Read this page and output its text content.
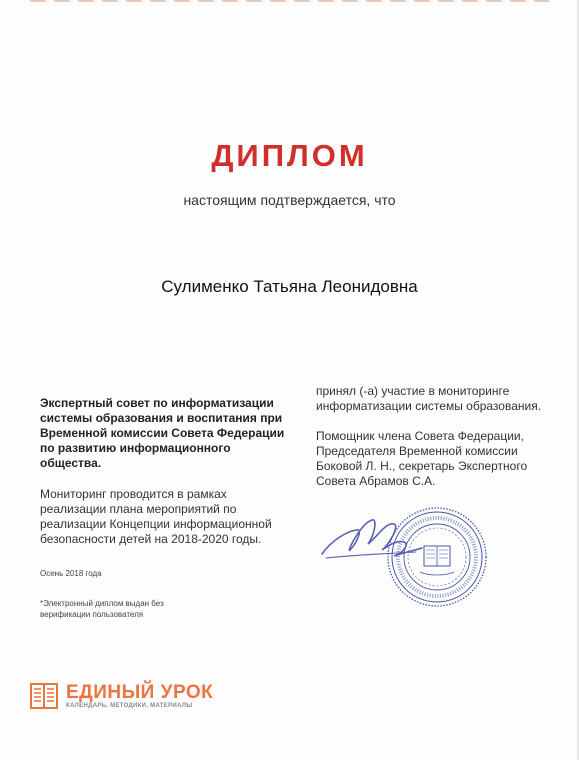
ДИПЛОМ
настоящим подтверждается, что
Сулименко Татьяна Леонидовна
Экспертный совет по информатизации системы образования и воспитания при Временной комиссии Совета Федерации по развитию информационного общества.
Мониторинг проводится в рамках реализации плана мероприятий по реализации Концепции информационной безопасности детей на 2018-2020 годы.
Осень 2018 года
*Электронный диплом выдан без верификации пользователя
принял (-а) участие в мониторинге информатизации системы образования.
Помощник члена Совета Федерации, Председателя Временной комиссии Боковой Л. Н., секретарь Экспертного Совета Абрамов С.А.
ЕДИНЫЙ УРОК
КАЛЕНДАРЬ, МЕТОДИКИ, МАТЕРИАЛЫ
